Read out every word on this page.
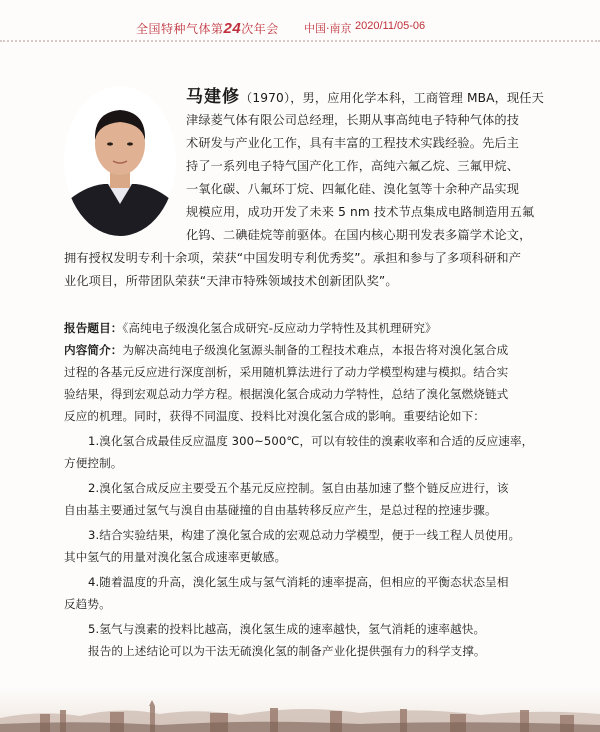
全国特种气体第24次年会 中国·南京 2020/11/05-06
马建修（1970），男，应用化学本科，工商管理 MBA，现任天
津绿菱气体有限公司总经理，长期从事高纯电子特种气体的技
术研发与产业化工作，具有丰富的工程技术实践经验。先后主
持了一系列电子特气国产化工作，高纯六氟乙烷、三氟甲烷、
一氧化碳、八氟环丁烷、四氟化硅、溴化氢等十余种产品实现
规模应用，成功开发了未来 5 nm 技术节点集成电路制造用五氟
化钨、二碘硅烷等前驱体。在国内核心期刊发表多篇学术论文，
拥有授权发明专利十余项，荣获“中国发明专利优秀奖”。承担和参与了多项科研和产
业化项目，所带团队荣获“天津市特殊领域技术创新团队奖”。
报告题目：《高纯电子级溴化氢合成研究-反应动力学特性及其机理研究》
内容简介：为解决高纯电子级溴化氢源头制备的工程技术难点，本报告将对溴化氢合成
过程的各基元反应进行深度剖析，采用随机算法进行了动力学模型构建与模拟。结合实
验结果，得到宏观总动力学方程。根据溴化氢合成动力学特性，总结了溴化氢燃烧链式
反应的机理。同时，获得不同温度、投料比对溴化氢合成的影响。重要结论如下：
1.溴化氢合成最佳反应温度 300~500℃，可以有较佳的溴素收率和合适的反应速率，
方便控制。
2.溴化氢合成反应主要受五个基元反应控制。氢自由基加速了整个链反应进行，该
自由基主要通过氢气与溴自由基碰撞的自由基转移反应产生，是总过程的控速步骤。
3.结合实验结果，构建了溴化氢合成的宏观总动力学模型，便于一线工程人员使用。
其中氢气的用量对溴化氢合成速率更敏感。
4.随着温度的升高，溴化氢生成与氢气消耗的速率提高，但相应的平衡态状态呈相
反趋势。
5.氢气与溴素的投料比越高，溴化氢生成的速率越快，氢气消耗的速率越快。
报告的上述结论可以为干法无硫溴化氢的制备产业化提供强有力的科学支撑。
